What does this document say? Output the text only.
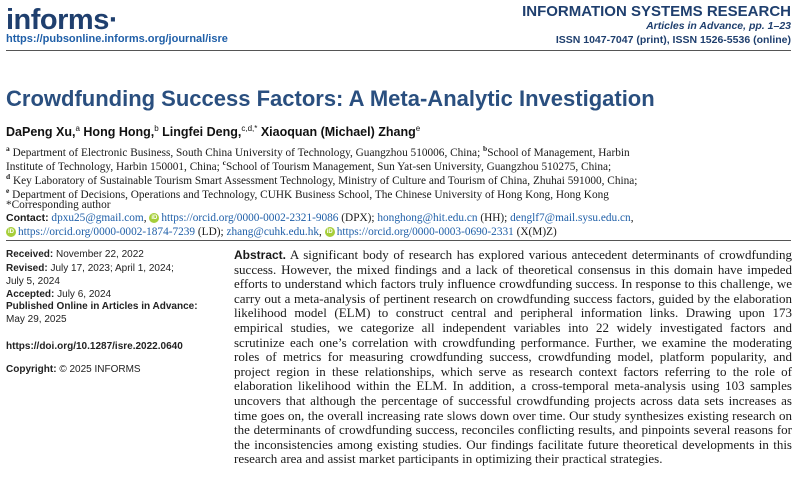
informs·
https://pubsonline.informs.org/journal/isre
INFORMATION SYSTEMS RESEARCH
Articles in Advance, pp. 1–23
ISSN 1047-7047 (print), ISSN 1526-5536 (online)
Crowdfunding Success Factors: A Meta-Analytic Investigation
DaPeng Xu,$^a$ Hong Hong,$^b$ Lingfei Deng,$^{c,d,*}$ Xiaoquan (Michael) Zhang$^e$
$^a$ Department of Electronic Business, South China University of Technology, Guangzhou 510006, China; $^b$School of Management, Harbin
Institute of Technology, Harbin 150001, China; $^c$School of Tourism Management, Sun Yat-sen University, Guangzhou 510275, China;
$^d$ Key Laboratory of Sustainable Tourism Smart Assessment Technology, Ministry of Culture and Tourism of China, Zhuhai 591000, China;
$^e$ Department of Decisions, Operations and Technology, CUHK Business School, The Chinese University of Hong Kong, Hong Kong
*Corresponding author
Contact: dpxu25@gmail.com, iD https://orcid.org/0000-0002-2321-9086 (DPX); honghong@hit.edu.cn (HH); denglf7@mail.sysu.edu.cn,
iD https://orcid.org/0000-0002-1874-7239 (LD); zhang@cuhk.edu.hk, iD https://orcid.org/0000-0003-0690-2331 (X(M)Z)
Received: November 22, 2022
Revised: July 17, 2023; April 1, 2024;
July 5, 2024
Accepted: July 6, 2024
Published Online in Articles in Advance:
May 29, 2025
https://doi.org/10.1287/isre.2022.0640
Copyright: © 2025 INFORMS
Abstract. A significant body of research has explored various antecedent determinants of crowdfunding success. However, the mixed findings and a lack of theoretical consensus in this domain have impeded efforts to understand which factors truly influence crowdfunding success. In response to this challenge, we carry out a meta-analysis of pertinent research on crowdfunding success factors, guided by the elaboration likelihood model (ELM) to construct central and peripheral information links. Drawing upon 173 empirical studies, we categorize all independent variables into 22 widely investigated factors and scrutinize each one’s correlation with crowdfunding performance. Further, we examine the moderating roles of metrics for measuring crowdfunding success, crowdfunding model, platform popularity, and project region in these relationships, which serve as research context factors referring to the role of elaboration likelihood within the ELM. In addition, a cross-temporal meta-analysis using 103 samples uncovers that although the percentage of successful crowdfunding projects across data sets increases as time goes on, the overall increasing rate slows down over time. Our study synthesizes existing research on the determinants of crowdfunding success, reconciles conflicting results, and pinpoints several reasons for the inconsistencies among existing studies. Our findings facilitate future theoretical developments in this research area and assist market participants in optimizing their practical strategies.
